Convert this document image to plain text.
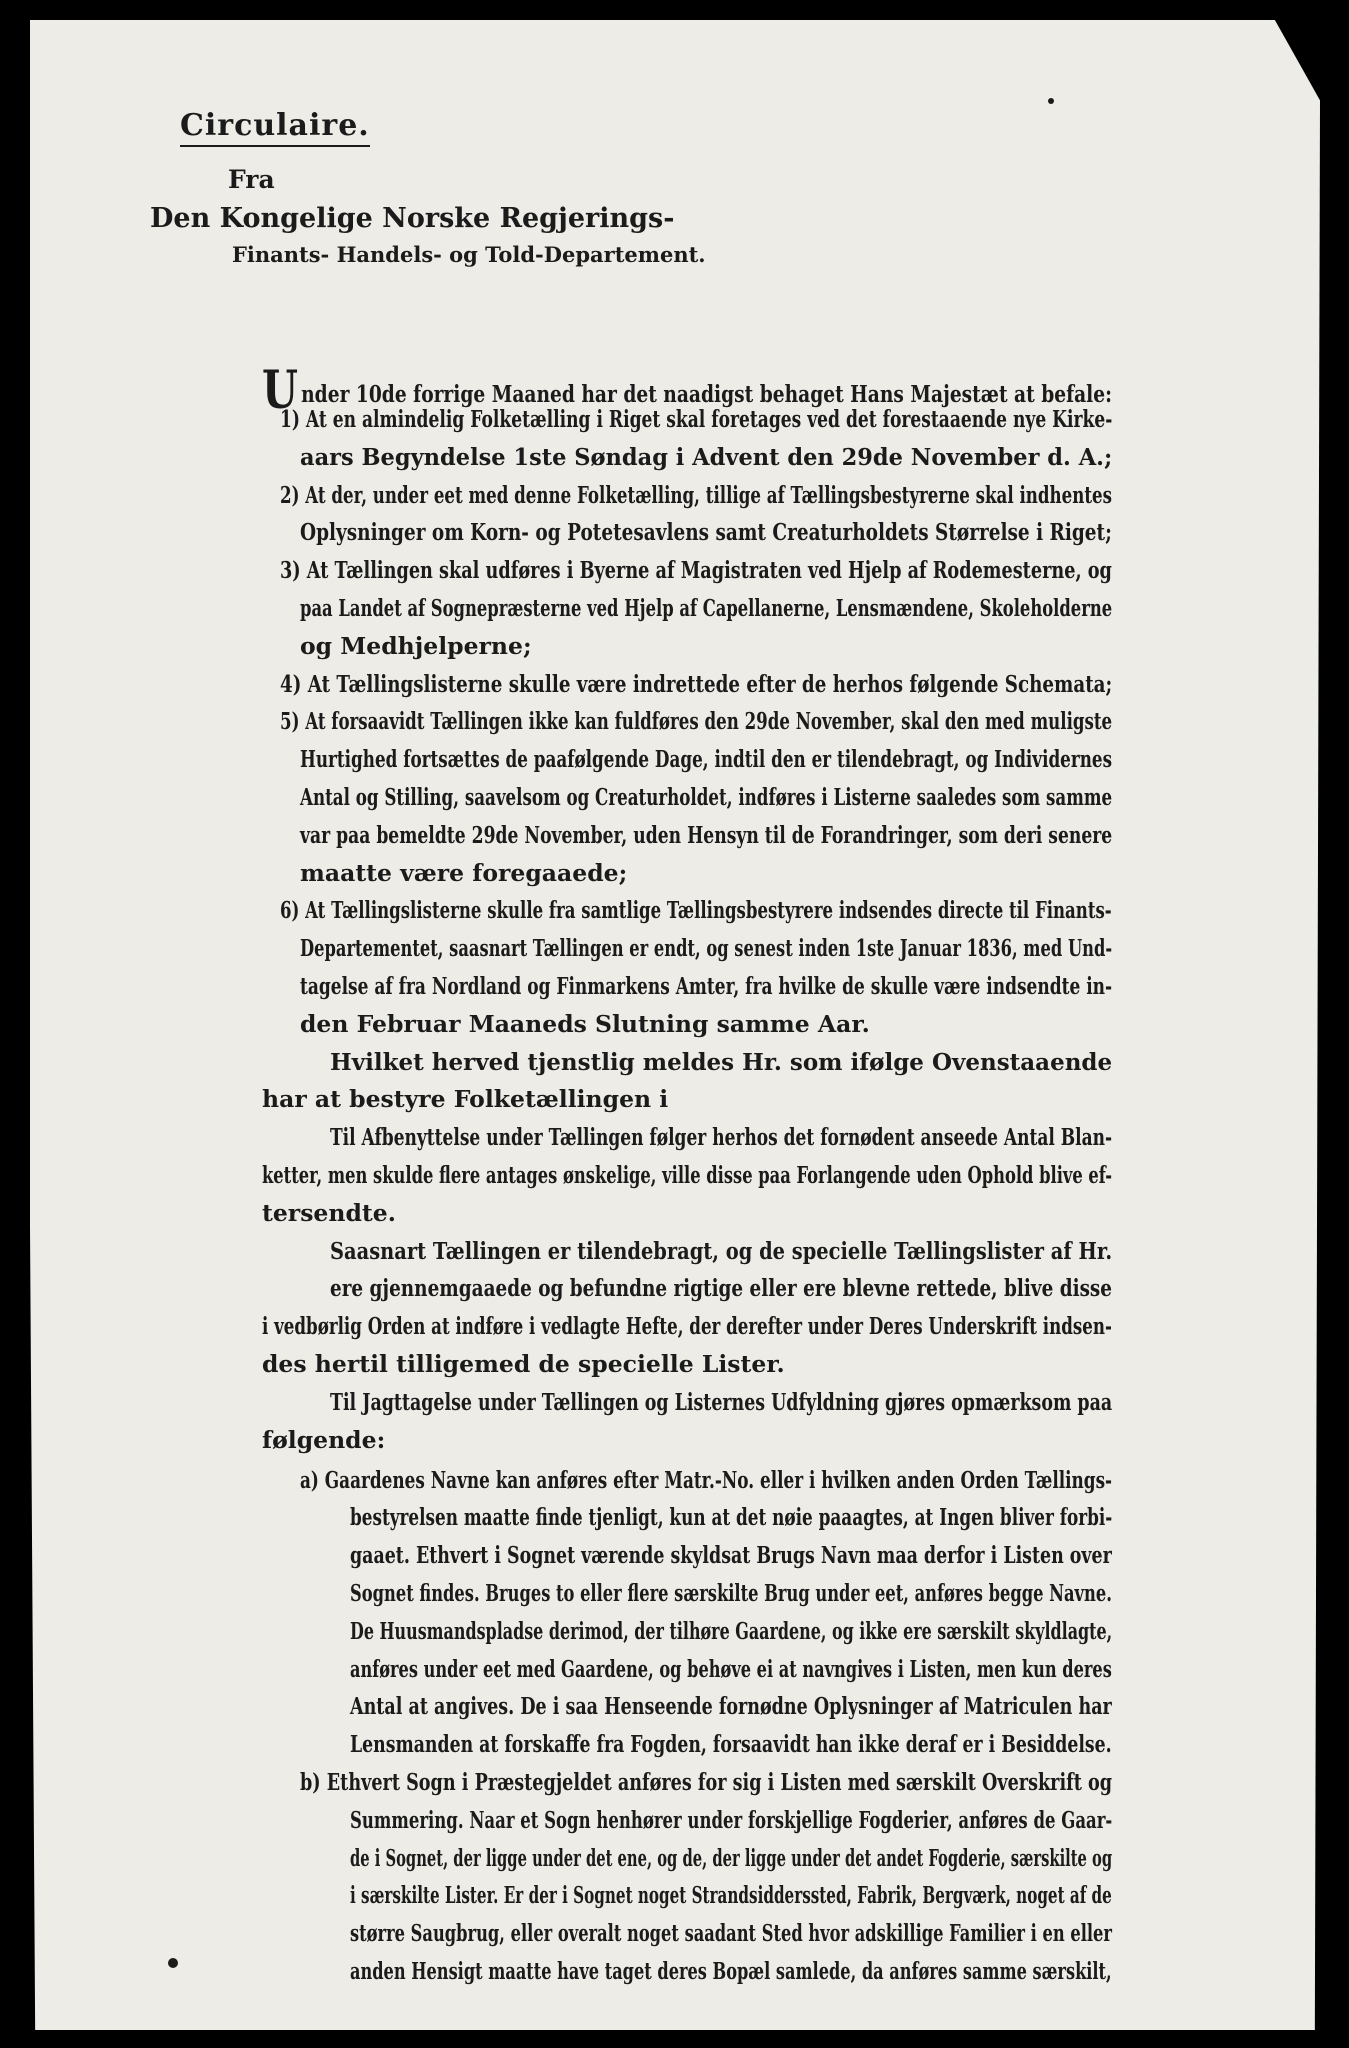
Circulaire.
Fra
Den Kongelige Norske Regjerings-
Finants- Handels- og Told-Departement.
Under 10de forrige Maaned har det naadigst behaget Hans Majestæt at befale:
1) At en almindelig Folketælling i Riget skal foretages ved det forestaaende nye Kirke-
aars Begyndelse 1ste Søndag i Advent den 29de November d. A.;
2) At der, under eet med denne Folketælling, tillige af Tællingsbestyrerne skal indhentes
Oplysninger om Korn- og Potetesavlens samt Creaturholdets Størrelse i Riget;
3) At Tællingen skal udføres i Byerne af Magistraten ved Hjelp af Rodemesterne, og
paa Landet af Sognepræsterne ved Hjelp af Capellanerne, Lensmændene, Skoleholderne
og Medhjelperne;
4) At Tællingslisterne skulle være indrettede efter de herhos følgende Schemata;
5) At forsaavidt Tællingen ikke kan fuldføres den 29de November, skal den med muligste
Hurtighed fortsættes de paafølgende Dage, indtil den er tilendebragt, og Individernes
Antal og Stilling, saavelsom og Creaturholdet, indføres i Listerne saaledes som samme
var paa bemeldte 29de November, uden Hensyn til de Forandringer, som deri senere
maatte være foregaaede;
6) At Tællingslisterne skulle fra samtlige Tællingsbestyrere indsendes directe til Finants-
Departementet, saasnart Tællingen er endt, og senest inden 1ste Januar 1836, med Und-
tagelse af fra Nordland og Finmarkens Amter, fra hvilke de skulle være indsendte in-
den Februar Maaneds Slutning samme Aar.
Hvilket herved tjenstlig meldes Hr. som ifølge Ovenstaaende
har at bestyre Folketællingen i
Til Afbenyttelse under Tællingen følger herhos det fornødent anseede Antal Blan-
ketter, men skulde flere antages ønskelige, ville disse paa Forlangende uden Ophold blive ef-
tersendte.
Saasnart Tællingen er tilendebragt, og de specielle Tællingslister af Hr.
ere gjennemgaaede og befundne rigtige eller ere blevne rettede, blive disse
i vedbørlig Orden at indføre i vedlagte Hefte, der derefter under Deres Underskrift indsen-
des hertil tilligemed de specielle Lister.
Til Jagttagelse under Tællingen og Listernes Udfyldning gjøres opmærksom paa
følgende:
a) Gaardenes Navne kan anføres efter Matr.-No. eller i hvilken anden Orden Tællings-
bestyrelsen maatte finde tjenligt, kun at det nøie paaagtes, at Ingen bliver forbi-
gaaet. Ethvert i Sognet værende skyldsat Brugs Navn maa derfor i Listen over
Sognet findes. Bruges to eller flere særskilte Brug under eet, anføres begge Navne.
De Huusmandspladse derimod, der tilhøre Gaardene, og ikke ere særskilt skyldlagte,
anføres under eet med Gaardene, og behøve ei at navngives i Listen, men kun deres
Antal at angives. De i saa Henseende fornødne Oplysninger af Matriculen har
Lensmanden at forskaffe fra Fogden, forsaavidt han ikke deraf er i Besiddelse.
b) Ethvert Sogn i Præstegjeldet anføres for sig i Listen med særskilt Overskrift og
Summering. Naar et Sogn henhører under forskjellige Fogderier, anføres de Gaar-
de i Sognet, der ligge under det ene, og de, der ligge under det andet Fogderie, særskilte og
i særskilte Lister. Er der i Sognet noget Strandsidderssted, Fabrik, Bergværk, noget af de
større Saugbrug, eller overalt noget saadant Sted hvor adskillige Familier i en eller
anden Hensigt maatte have taget deres Bopæl samlede, da anføres samme særskilt,
